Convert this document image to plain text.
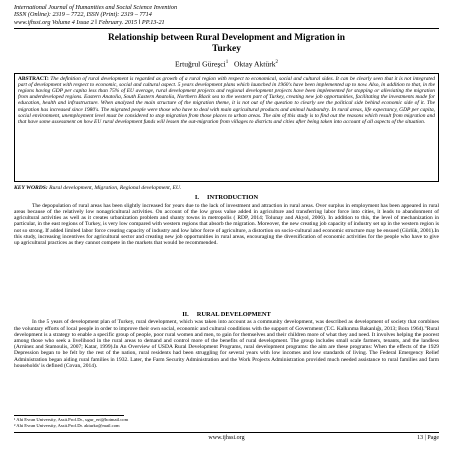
International Journal of Humanities and Social Science Invention
ISSN (Online): 2319 – 7722, ISSN (Print): 2319 – 7714
www.ijhssi.org Volume 4 Issue 2 ǁ February. 2015 ǁ PP.13-21
Relationship between Rural Development and Migration in
Turkey
Ertuğrul Güreşci$^1$ Oktay Aktürk$^2$
ABSTRACT: The definition of rural development is regarded as growth of a rural region with respect to economical, social and cultural sides. It can be clearly seen that it is not integrated part of development with respect to economic, social and cultural aspect. 5 years development plans which launched in 1960's have been implemented up to now. Also, in addition to that, in the regions having GDP per capita less than 75% of EU average, rural development projects and regional development projects have been implemented for stopping or alleviating the migration from underdeveloped regions. Eastern Anatolia, South Eastern Anatolia, Northern Black sea to the western part of Turkey, creating new job opportunities, facilitating the investments made for education, health and infrastructure. When analyzed the main structure of the migration theme, it is not out of the question to clearly see the political side behind economic side of it. The migration has increased since 1980's. The migrated people were those who have to deal with main agricultural products and animal husbandry. In rural areas, life expectancy, GDP per capita, social environment, unemployment level must be considered to stop migration from those places to urban areas. The aim of this study is to find out the reasons which result from migration and that have some assessment on how EU rural development funds will lessen the out-migration from villages to districts and cities after being taken into account of all aspects of the situation.
KEY WORDS: Rural development, Migration, Regional development, EU.
I. INTRODUCTION

The depopulation of rural areas has been slightly increased for years due to the lack of investment and attraction in rural areas. Over surplus in employment has been appeared in rural areas because of the relatively low nonagricultural activities. On account of the low gross value added in agriculture and transferring labor force into cities, it leads to abandonment of agricultural activities as well as it creates urbanization problem and shanty towns in metropolis ( RDP, 2014; Tolunay and Akyol, 2006). In addition to this, the level of mechanization in particular, in the east regions of Turkey, is very low compared with western regions that absorb the migration. Moreover, the new creating job capacity of industry set up in the western region is not so strong. If added limited labor force creating capacity of industry and low labor force of agriculture, a distortion on socio-cultural and economic structure may be ensued (Gürlük, 2001).In this study, increasing incentives for agricultural sector and creating new job opportunities in rural areas, encouraging the diversification of economic activities for the people who have to give up agricultural practices as they cannot compete in the markets that would be recommended.

II. RURAL DEVELOPMENT

In the 5 years of development plan of Turkey, rural development, which was taken into account as a community development, was described as development of society that combines the voluntary efforts of local people in order to improve their own social, economic and cultural conditions with the support of Government (T.C. Kalkınma Bakanlığı, 2013; Bora 1964)."Rural development is a strategy to enable a specific group of people, poor rural women and men, to gain for themselves and their children more of what they and need. It involves helping the poorest among those who seek a livelihood in the rural areas to demand and control more of the benefits of rural development. The group includes small scale farmers, tenants, and the landless (Arrúnez and Stamoulis, 2007; Katar, 1999).In An Overview of USDA Rural Development Programs, rural development programs: the aim are these programs: When the effects of the 1929 Depression began to be felt by the rest of the nation, rural residents had been struggling for several years with low incomes and low standards of living. The Federal Emergency Relief Administration began aiding rural families in 1932. Later, the Farm Security Administration and the Work Projects Administration provided much needed assistance to rural families and farm households' is defined (Covan, 2014).

¹ Ahi Evran University, Assit.Prof.Dr., ugur_ert@hotmail.com
² Ahi Evran University, Assit.Prof.Dr. akturko@mail.com
www.ijhssi.org	13 | Page
